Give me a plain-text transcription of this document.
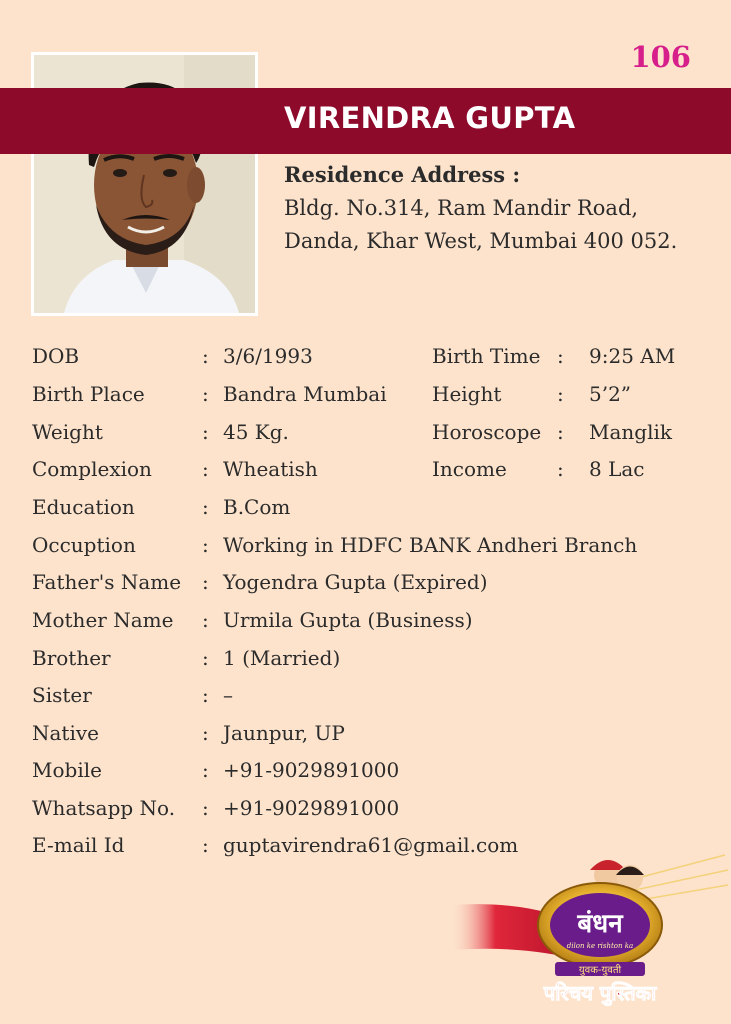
106
VIRENDRA GUPTA
Residence Address :
Bldg. No.314, Ram Mandir Road,
Danda, Khar West, Mumbai 400 052.
DOB	: 3/6/1993	Birth Time : 9:25 AM
Birth Place	: Bandra Mumbai Height	: 5’2”
Weight	: 45 Kg.	Horoscope : Manglik
Complexion	: Wheatish	Income	: 8 Lac
Education	: B.Com
Occuption	: Working in HDFC BANK Andheri Branch
Father's Name : Yogendra Gupta (Expired)
Mother Name : Urmila Gupta (Business)
Brother	: 1 (Married)
Sister	: –
Native	: Jaunpur, UP
Mobile	: +91-9029891000
Whatsapp No. : +91-9029891000
E-mail Id	: guptavirendra61@gmail.com
बंधन
dilon ke rishton ka
युवक-युवती
परिचय पुस्तिका
